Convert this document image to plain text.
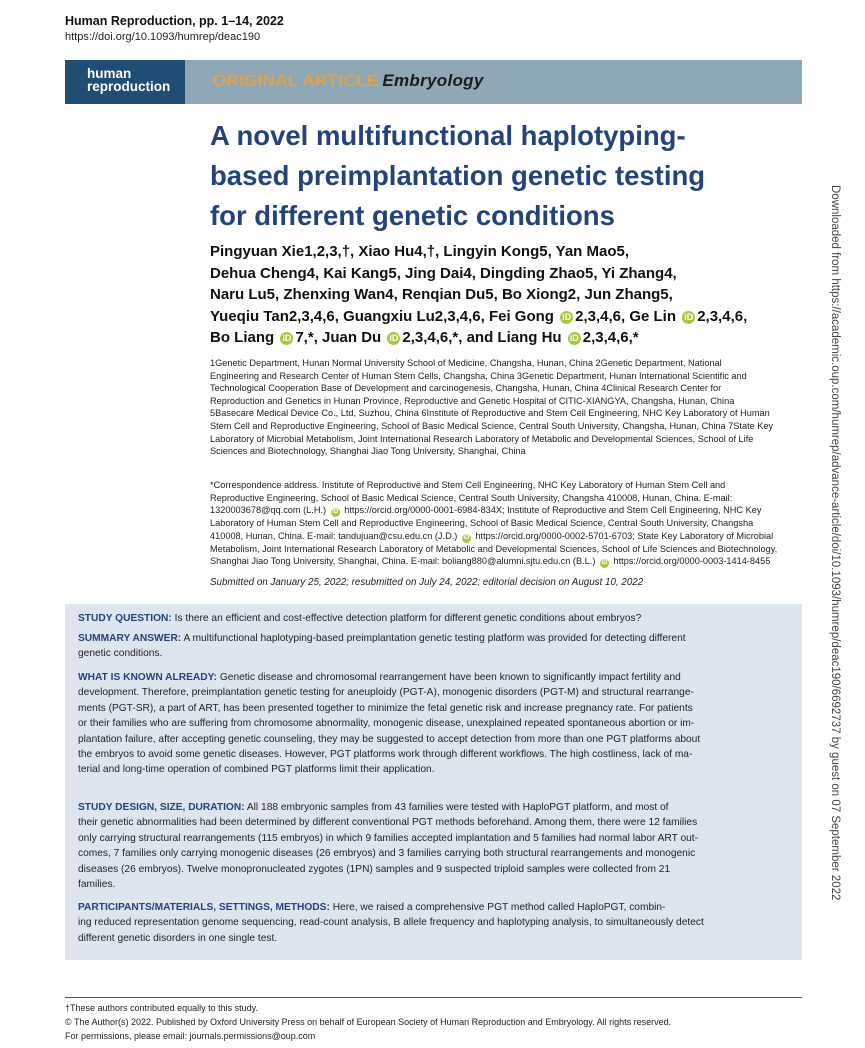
Human Reproduction, pp. 1–14, 2022
https://doi.org/10.1093/humrep/deac190
Downloaded from https://academic.oup.com/humrep/advance-article/doi/10.1093/humrep/deac190/6692737 by guest on 07 September 2022
human
reproduction	ORIGINAL ARTICLE Embryology
A novel multifunctional haplotyping-
based preimplantation genetic testing
for different genetic conditions
Pingyuan Xie1,2,3,†, Xiao Hu4,†, Lingyin Kong5, Yan Mao5,
Dehua Cheng4, Kai Kang5, Jing Dai4, Dingding Zhao5, Yi Zhang4,
Naru Lu5, Zhenxing Wan4, Renqian Du5, Bo Xiong2, Jun Zhang5,
Yueqiu Tan2,3,4,6, Guangxiu Lu2,3,4,6, Fei Gong iD 2,3,4,6, Ge Lin iD 2,3,4,6,
Bo Liang iD 7,*, Juan Du iD 2,3,4,6,*, and Liang Hu iD 2,3,4,6,*
1Genetic Department, Hunan Normal University School of Medicine, Changsha, Hunan, China 2Genetic Department, National
Engineering and Research Center of Human Stem Cells, Changsha, China 3Genetic Department, Hunan International Scientific and
Technological Cooperation Base of Development and carcinogenesis, Changsha, Hunan, China 4Clinical Research Center for
Reproduction and Genetics in Hunan Province, Reproductive and Genetic Hospital of CITIC-XIANGYA, Changsha, Hunan, China
5Basecare Medical Device Co., Ltd, Suzhou, China 6Institute of Reproductive and Stem Cell Engineering, NHC Key Laboratory of Human
Stem Cell and Reproductive Engineering, School of Basic Medical Science, Central South University, Changsha, Hunan, China 7State Key
Laboratory of Microbial Metabolism, Joint International Research Laboratory of Metabolic and Developmental Sciences, School of Life
Sciences and Biotechnology, Shanghai Jiao Tong University, Shanghai, China
*Correspondence address. Institute of Reproductive and Stem Cell Engineering, NHC Key Laboratory of Human Stem Cell and
Reproductive Engineering, School of Basic Medical Science, Central South University, Changsha 410008, Hunan, China. E-mail:
1320003678@qq.com (L.H.) iD https://orcid.org/0000-0001-6984-834X; Institute of Reproductive and Stem Cell Engineering, NHC Key
Laboratory of Human Stem Cell and Reproductive Engineering, School of Basic Medical Science, Central South University, Changsha
410008, Hunan, China. E-mail: tandujuan@csu.edu.cn (J.D.) iD https://orcid.org/0000-0002-5701-6703; State Key Laboratory of Microbial
Metabolism, Joint International Research Laboratory of Metabolic and Developmental Sciences, School of Life Sciences and Biotechnology,
Shanghai Jiao Tong University, Shanghai, China. E-mail: boliang880@alumni.sjtu.edu.cn (B.L.) iD https://orcid.org/0000-0003-1414-8455
Submitted on January 25, 2022; resubmitted on July 24, 2022; editorial decision on August 10, 2022
STUDY QUESTION: Is there an efficient and cost-effective detection platform for different genetic conditions about embryos?
SUMMARY ANSWER: A multifunctional haplotyping-based preimplantation genetic testing platform was provided for detecting different
genetic conditions.
WHAT IS KNOWN ALREADY: Genetic disease and chromosomal rearrangement have been known to significantly impact fertility and
development. Therefore, preimplantation genetic testing for aneuploidy (PGT-A), monogenic disorders (PGT-M) and structural rearrange-
ments (PGT-SR), a part of ART, has been presented together to minimize the fetal genetic risk and increase pregnancy rate. For patients
or their families who are suffering from chromosome abnormality, monogenic disease, unexplained repeated spontaneous abortion or im-
plantation failure, after accepting genetic counseling, they may be suggested to accept detection from more than one PGT platforms about
the embryos to avoid some genetic diseases. However, PGT platforms work through different workflows. The high costliness, lack of ma-
terial and long-time operation of combined PGT platforms limit their application.
STUDY DESIGN, SIZE, DURATION: All 188 embryonic samples from 43 families were tested with HaploPGT platform, and most of
their genetic abnormalities had been determined by different conventional PGT methods beforehand. Among them, there were 12 families
only carrying structural rearrangements (115 embryos) in which 9 families accepted implantation and 5 families had normal labor ART out-
comes, 7 families only carrying monogenic diseases (26 embryos) and 3 families carrying both structural rearrangements and monogenic
diseases (26 embryos). Twelve monopronucleated zygotes (1PN) samples and 9 suspected triploid samples were collected from 21
families.
PARTICIPANTS/MATERIALS, SETTINGS, METHODS: Here, we raised a comprehensive PGT method called HaploPGT, combin-
ing reduced representation genome sequencing, read-count analysis, B allele frequency and haplotyping analysis, to simultaneously detect
different genetic disorders in one single test.
†These authors contributed equally to this study.
© The Author(s) 2022. Published by Oxford University Press on behalf of European Society of Human Reproduction and Embryology. All rights reserved.
For permissions, please email: journals.permissions@oup.com
